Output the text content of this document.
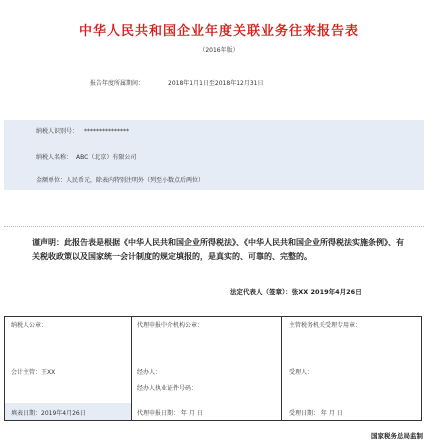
中华人民共和国企业年度关联业务往来报告表
（2016年版）
报告年度所属期间：	2018年1月1日至2018年12月31日
纳税人识别号： ***************
纳税人名称： ABC（北京）有限公司
金额单位：人民币元，除表内特别注明外（列至小数点后两位）
谨声明：此报告表是根据《中华人民共和国企业所得税法》、《中华人民共和国企业所得税法实施条例》、有关税收政策以及国家统一会计制度的规定填报的，是真实的、可靠的、完整的。
法定代表人（签章）：张XX 2019年4月26日
纳税人公章：
会计主管：王XX
填表日期：2019年4月26日
代理申报中介机构公章：
经办人：
经办人执业证件号码：
代理申报日期： 年 月 日
主管税务机关受理专用章：
受理人：
受理日期： 年 月 日
国家税务总局监制
